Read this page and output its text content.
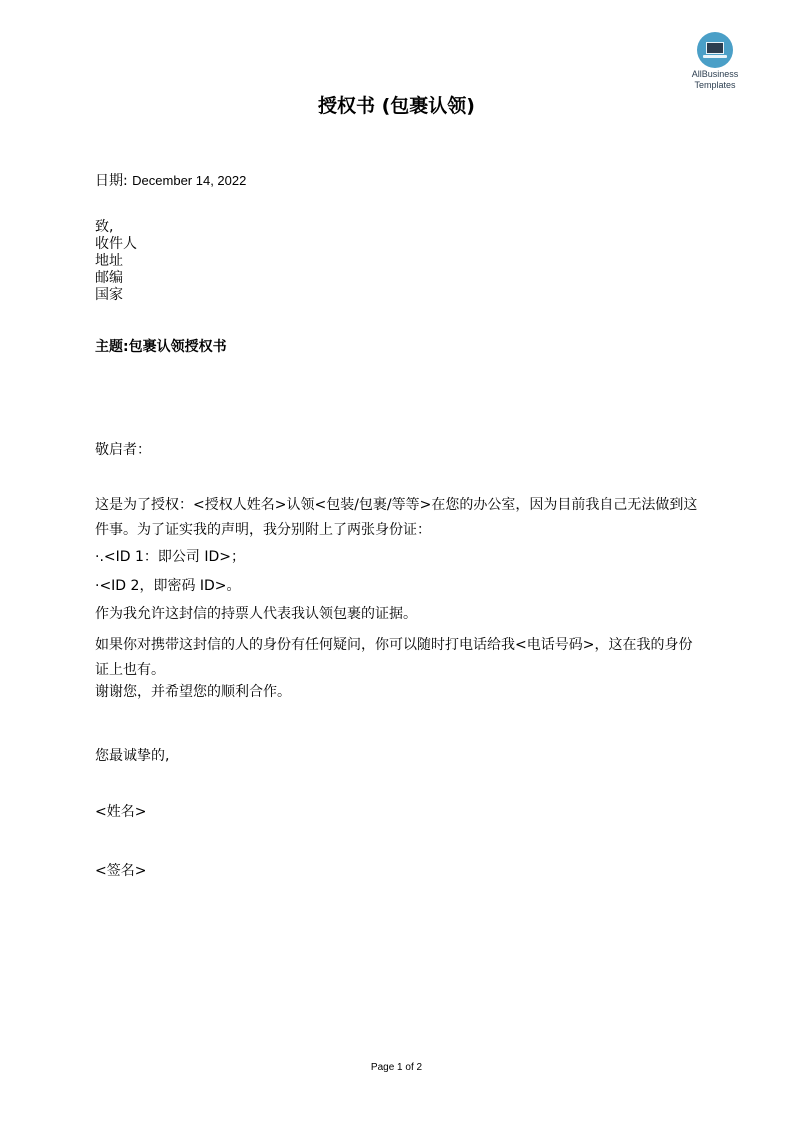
AllBusiness
Templates
授权书 (包裹认领)
日期: December 14, 2022
致,
收件人
地址
邮编
国家
主题:包裹认领授权书
敬启者：
这是为了授权：<授权人姓名>认领<包装/包裹/等等>在您的办公室，因为目前我自己无法做到这件事。为了证实我的声明，我分别附上了两张身份证：
·.<ID 1：即公司 ID>；
·<ID 2，即密码 ID>。
作为我允许这封信的持票人代表我认领包裹的证据。
如果你对携带这封信的人的身份有任何疑问，你可以随时打电话给我<电话号码>，这在我的身份证上也有。
谢谢您，并希望您的顺利合作。
您最诚挚的,
<姓名>
<签名>
Page 1 of 2
